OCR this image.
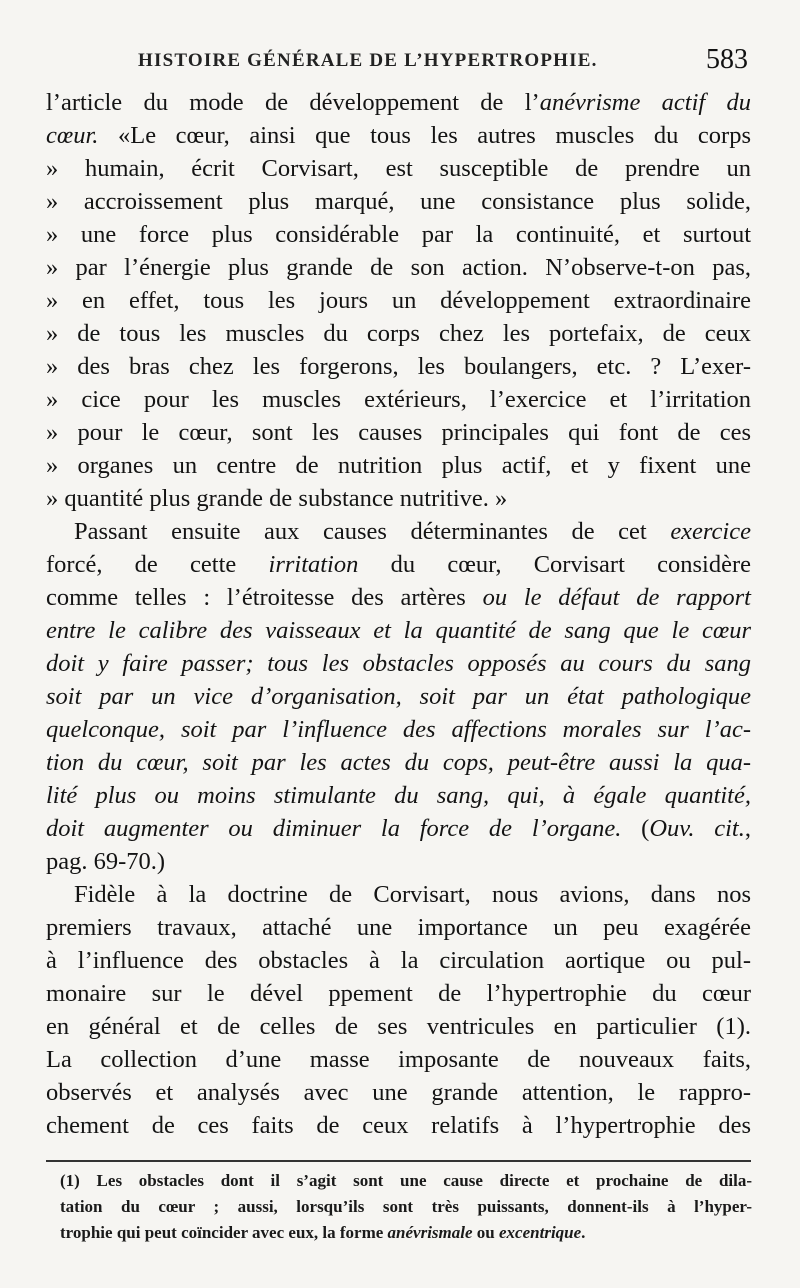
HISTOIRE GÉNÉRALE DE L’HYPERTROPHIE.	583
l’article du mode de développement de l’anévrisme actif du
cœur. «Le cœur, ainsi que tous les autres muscles du corps
» humain, écrit Corvisart, est susceptible de prendre un
» accroissement plus marqué, une consistance plus solide,
» une force plus considérable par la continuité, et surtout
» par l’énergie plus grande de son action. N’observe-t-on pas,
» en effet, tous les jours un développement extraordinaire
» de tous les muscles du corps chez les portefaix, de ceux
» des bras chez les forgerons, les boulangers, etc. ? L’exer-
» cice pour les muscles extérieurs, l’exercice et l’irritation
» pour le cœur, sont les causes principales qui font de ces
» organes un centre de nutrition plus actif, et y fixent une
» quantité plus grande de substance nutritive. »
Passant ensuite aux causes déterminantes de cet exercice
forcé, de cette irritation du cœur, Corvisart considère
comme telles : l’étroitesse des artères ou le défaut de rapport
entre le calibre des vaisseaux et la quantité de sang que le cœur
doit y faire passer; tous les obstacles opposés au cours du sang
soit par un vice d’organisation, soit par un état pathologique
quelconque, soit par l’influence des affections morales sur l’ac-
tion du cœur, soit par les actes du cops, peut-être aussi la qua-
lité plus ou moins stimulante du sang, qui, à égale quantité,
doit augmenter ou diminuer la force de l’organe. (Ouv. cit.,
pag. 69-70.)
Fidèle à la doctrine de Corvisart, nous avions, dans nos
premiers travaux, attaché une importance un peu exagérée
à l’influence des obstacles à la circulation aortique ou pul-
monaire sur le dével ppement de l’hypertrophie du cœur
en général et de celles de ses ventricules en particulier (1).
La collection d’une masse imposante de nouveaux faits,
observés et analysés avec une grande attention, le rappro-
chement de ces faits de ceux relatifs à l’hypertrophie des
(1) Les obstacles dont il s’agit sont une cause directe et prochaine de dila-
tation du cœur ; aussi, lorsqu’ils sont très puissants, donnent-ils à l’hyper-
trophie qui peut coïncider avec eux, la forme anévrismale ou excentrique.
